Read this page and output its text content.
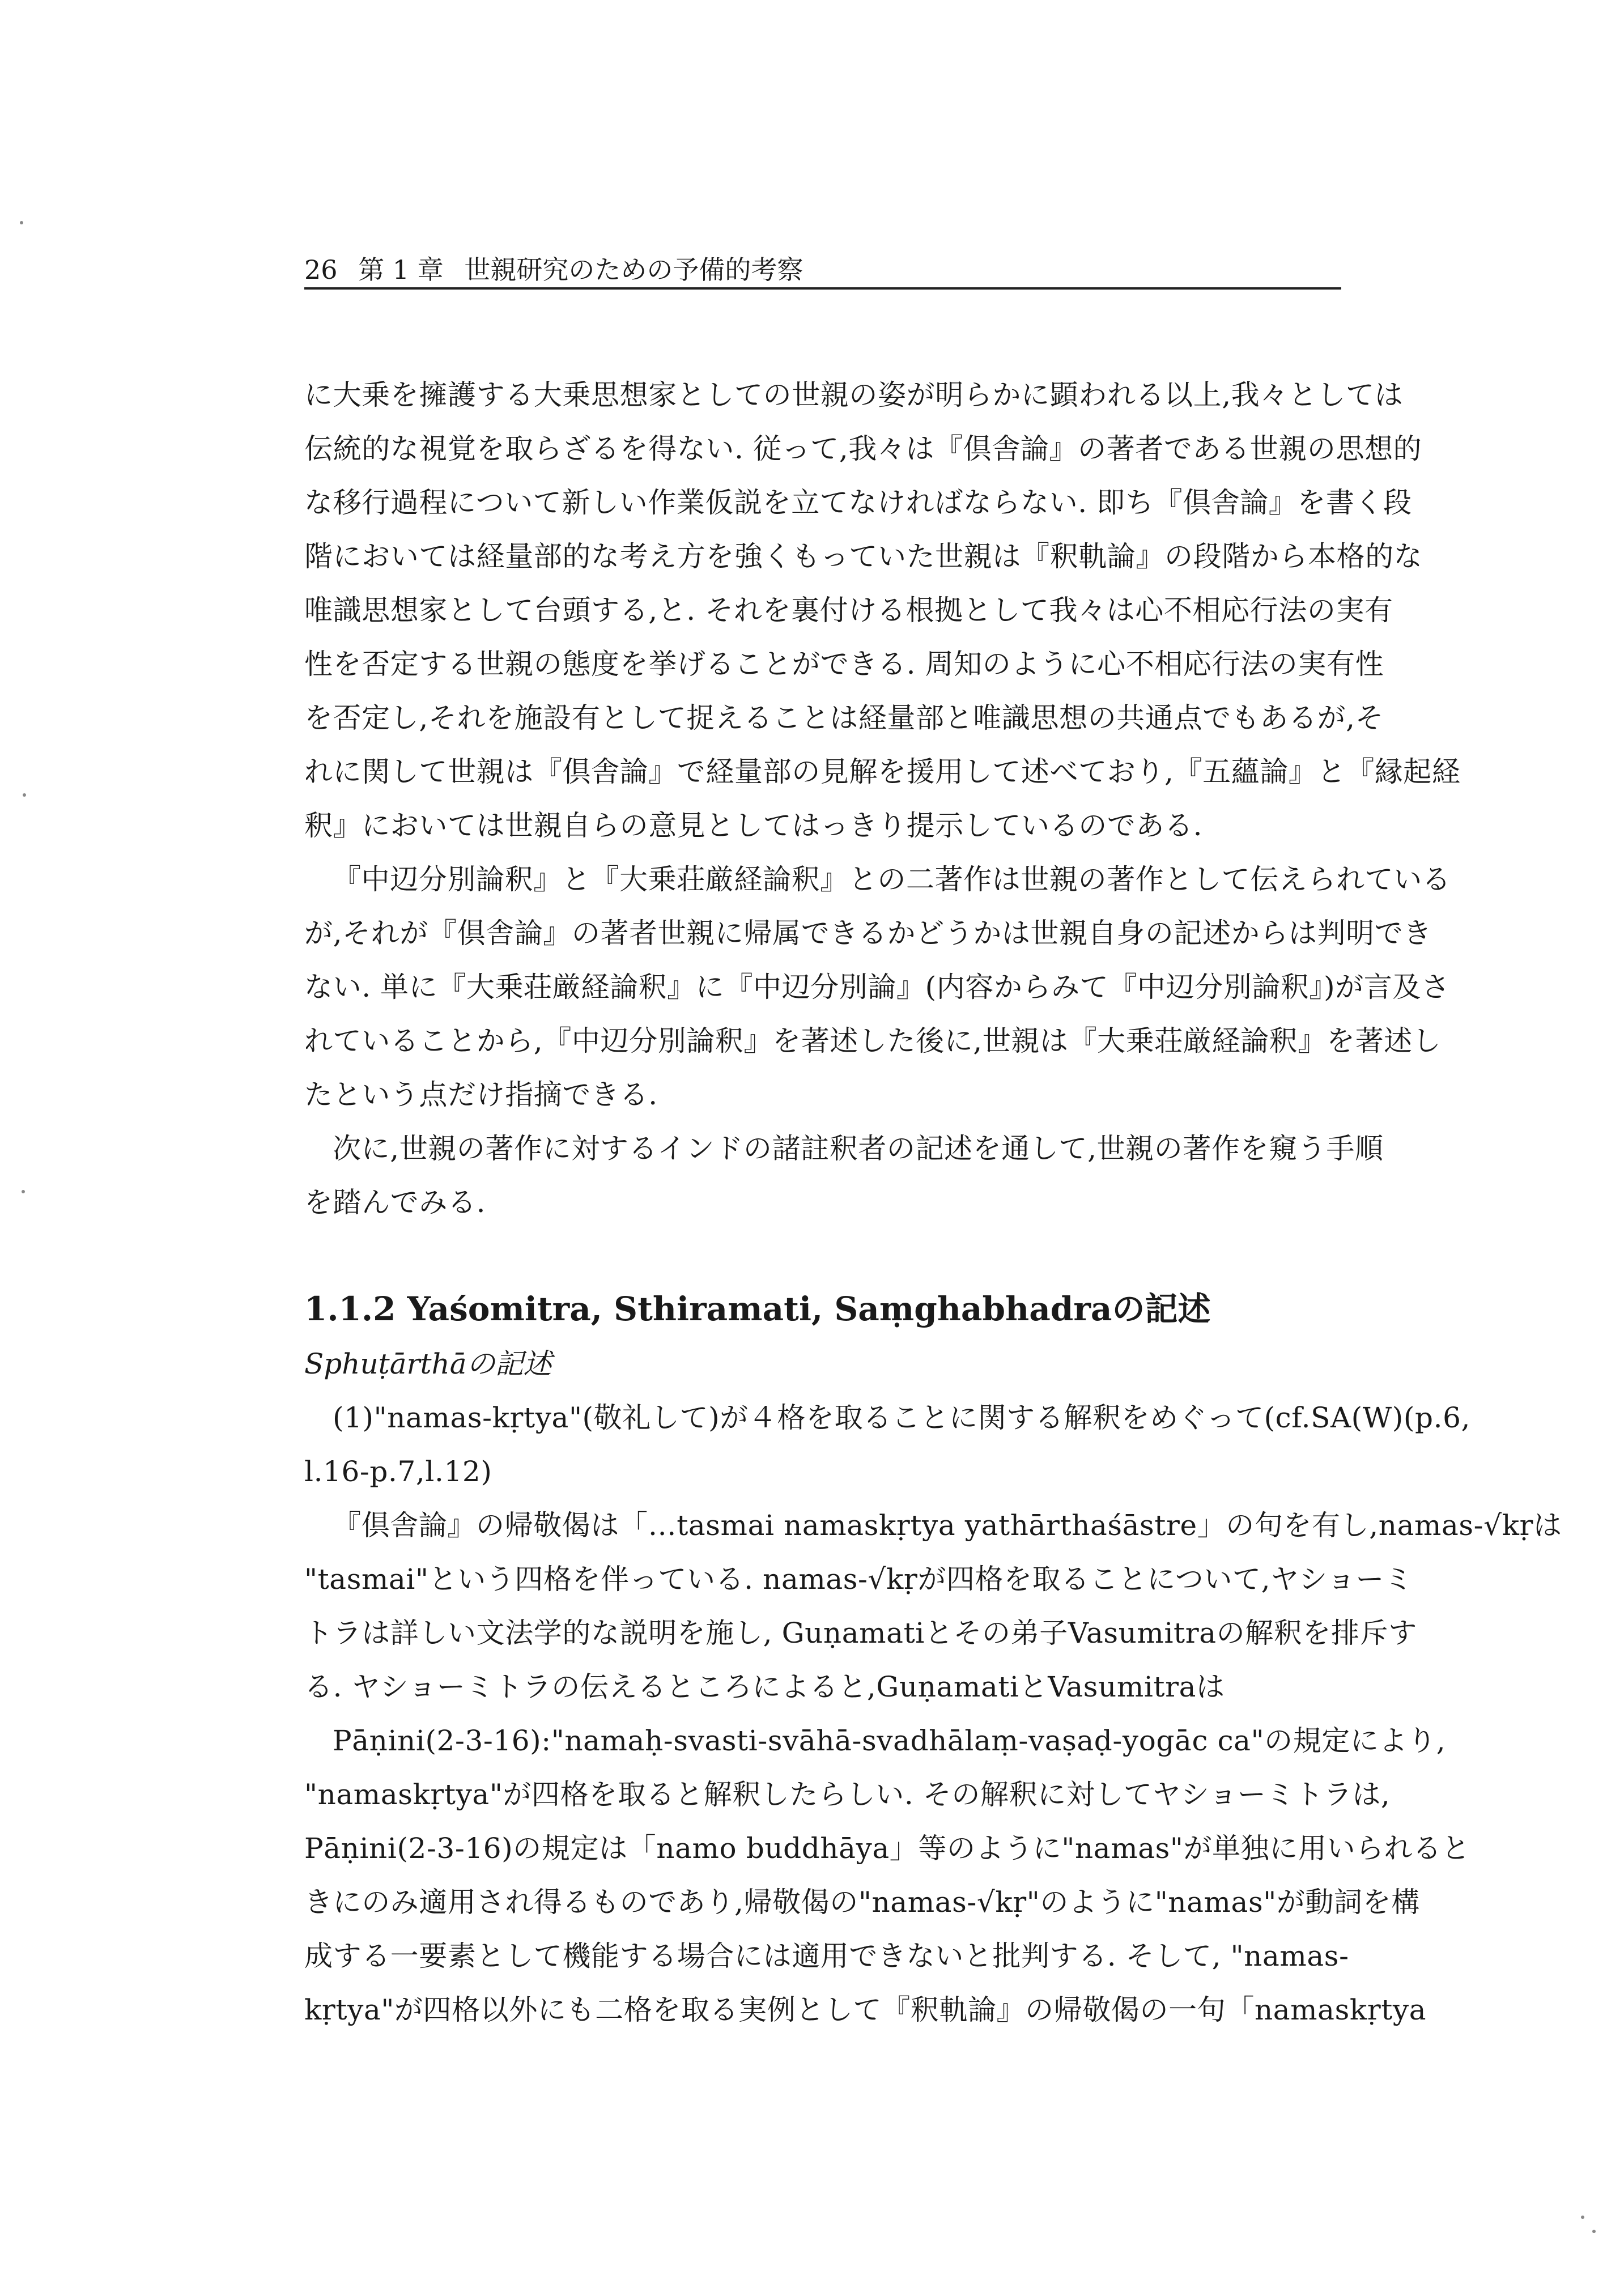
26 第 1 章 世親研究のための予備的考察
に大乗を擁護する大乗思想家としての世親の姿が明らかに顕われる以上,我々としては
伝統的な視覚を取らざるを得ない. 従って,我々は『倶舎論』の著者である世親の思想的
な移行過程について新しい作業仮説を立てなければならない. 即ち『倶舎論』を書く段
階においては経量部的な考え方を強くもっていた世親は『釈軌論』の段階から本格的な
唯識思想家として台頭する,と. それを裏付ける根拠として我々は心不相応行法の実有
性を否定する世親の態度を挙げることができる. 周知のように心不相応行法の実有性
を否定し,それを施設有として捉えることは経量部と唯識思想の共通点でもあるが,そ
れに関して世親は『倶舎論』で経量部の見解を援用して述べており,『五蘊論』と『縁起経
釈』においては世親自らの意見としてはっきり提示しているのである.
『中辺分別論釈』と『大乗荘厳経論釈』との二著作は世親の著作として伝えられている
が,それが『倶舎論』の著者世親に帰属できるかどうかは世親自身の記述からは判明でき
ない. 単に『大乗荘厳経論釈』に『中辺分別論』(内容からみて『中辺分別論釈』)が言及さ
れていることから,『中辺分別論釈』を著述した後に,世親は『大乗荘厳経論釈』を著述し
たという点だけ指摘できる.
次に,世親の著作に対するインドの諸註釈者の記述を通して,世親の著作を窺う手順
を踏んでみる.
1.1.2 Yaśomitra, Sthiramati, Saṃghabhadraの記述
Sphuṭārthāの記述
(1)"namas-kṛtya"(敬礼して)が４格を取ることに関する解釈をめぐって(cf.SA(W)(p.6,
l.16-p.7,l.12)
『倶舎論』の帰敬偈は「…tasmai namaskṛtya yathārthaśāstre」の句を有し,namas-√kṛは
"tasmai"という四格を伴っている. namas-√kṛが四格を取ることについて,ヤショーミ
トラは詳しい文法学的な説明を施し, Guṇamatiとその弟子Vasumitraの解釈を排斥す
る. ヤショーミトラの伝えるところによると,GuṇamatiとVasumitraは
Pāṇini(2-3-16):"namaḥ-svasti-svāhā-svadhālaṃ-vaṣaḍ-yogāc ca"の規定により,
"namaskṛtya"が四格を取ると解釈したらしい. その解釈に対してヤショーミトラは,
Pāṇini(2-3-16)の規定は「namo buddhāya」等のように"namas"が単独に用いられると
きにのみ適用され得るものであり,帰敬偈の"namas-√kṛ"のように"namas"が動詞を構
成する一要素として機能する場合には適用できないと批判する. そして, "namas-
kṛtya"が四格以外にも二格を取る実例として『釈軌論』の帰敬偈の一句「namaskṛtya
